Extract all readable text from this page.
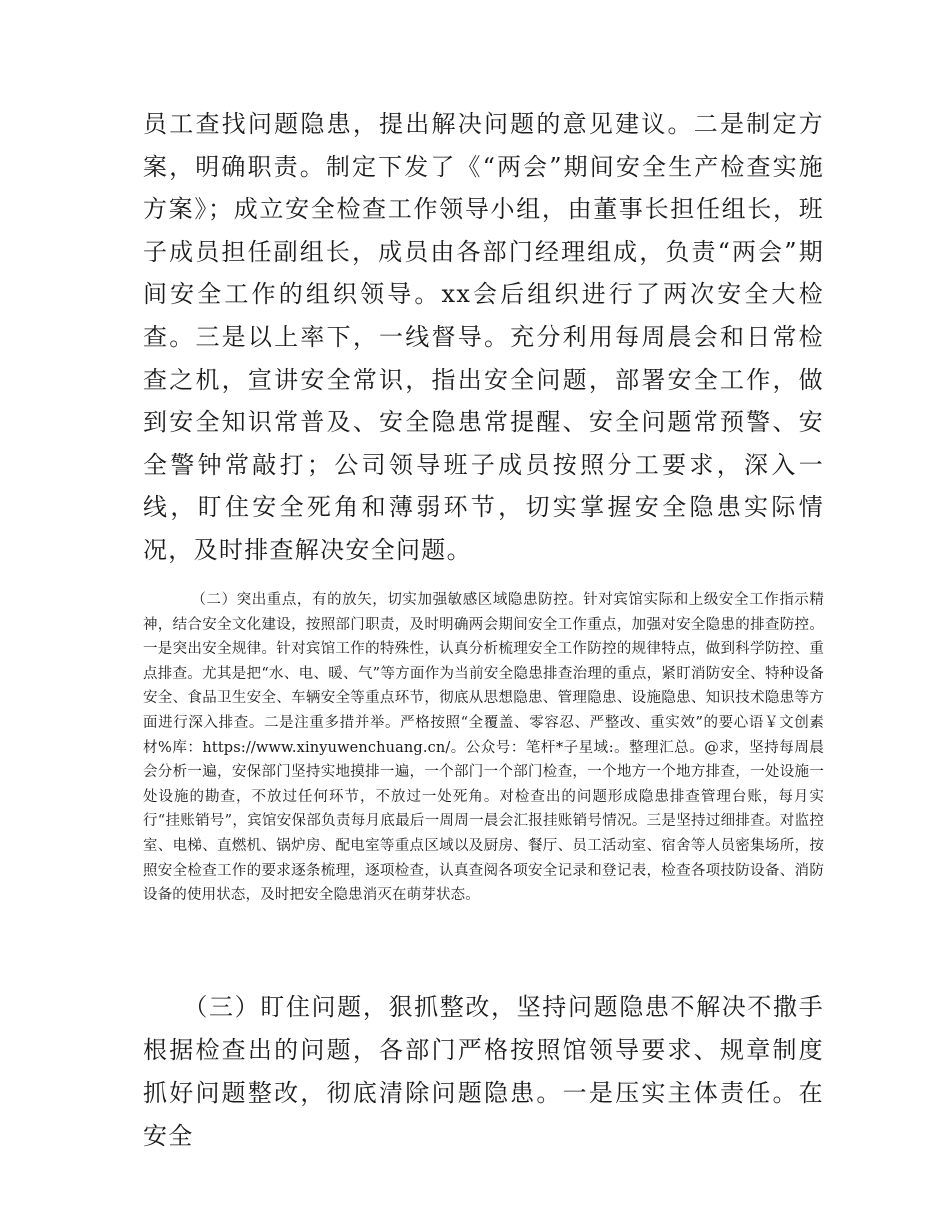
员工查找问题隐患，提出解决问题的意见建议。二是制定方案，明确职责。制定下发了《“两会”期间安全生产检查实施方案》；成立安全检查工作领导小组，由董事长担任组长，班子成员担任副组长，成员由各部门经理组成，负责“两会”期间安全工作的组织领导。xx会后组织进行了两次安全大检查。三是以上率下，一线督导。充分利用每周晨会和日常检查之机，宣讲安全常识，指出安全问题，部署安全工作，做到安全知识常普及、安全隐患常提醒、安全问题常预警、安全警钟常敲打；公司领导班子成员按照分工要求，深入一线，盯住安全死角和薄弱环节，切实掌握安全隐患实际情况，及时排查解决安全问题。

（二）突出重点，有的放矢，切实加强敏感区域隐患防控。针对宾馆实际和上级安全工作指示精神，结合安全文化建设，按照部门职责，及时明确两会期间安全工作重点，加强对安全隐患的排查防控。一是突出安全规律。针对宾馆工作的特殊性，认真分析梳理安全工作防控的规律特点，做到科学防控、重点排查。尤其是把“水、电、暖、气”等方面作为当前安全隐患排查治理的重点，紧盯消防安全、特种设备安全、食品卫生安全、车辆安全等重点环节，彻底从思想隐患、管理隐患、设施隐患、知识技术隐患等方面进行深入排查。二是注重多措并举。严格按照“全覆盖、零容忍、严整改、重实效”的要心语￥文创素材%库：https://www.xinyuwenchuang.cn/。公众号：笔杆*子星域:。整理汇总。@求，坚持每周晨会分析一遍，安保部门坚持实地摸排一遍，一个部门一个部门检查，一个地方一个地方排查，一处设施一处设施的勘查，不放过任何环节，不放过一处死角。对检查出的问题形成隐患排查管理台账，每月实行“挂账销号”，宾馆安保部负责每月底最后一周周一晨会汇报挂账销号情况。三是坚持过细排查。对监控室、电梯、直燃机、锅炉房、配电室等重点区域以及厨房、餐厅、员工活动室、宿舍等人员密集场所，按照安全检查工作的要求逐条梳理，逐项检查，认真查阅各项安全记录和登记表，检查各项技防设备、消防设备的使用状态，及时把安全隐患消灭在萌芽状态。

（三）盯住问题，狠抓整改，坚持问题隐患不解决不撒手根据检查出的问题，各部门严格按照馆领导要求、规章制度抓好问题整改，彻底清除问题隐患。一是压实主体责任。在安全
